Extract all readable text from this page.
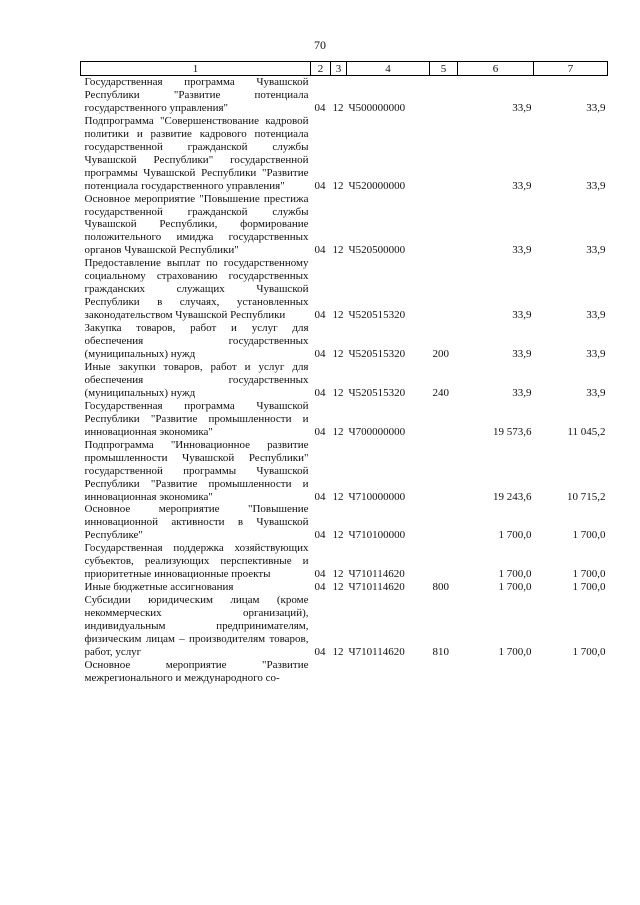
70
1	2	3	4	5	6	7
Государственная программа Чувашской Республики "Развитие потенциала государственного управления"	04	12	Ч500000000		33,9	33,9
Подпрограмма "Совершенствование кадровой политики и развитие кадрового потенциала государственной гражданской службы Чувашской Республики" государственной программы Чувашской Республики "Развитие потенциала государственного управления"	04	12	Ч520000000		33,9	33,9
Основное мероприятие "Повышение престижа государственной гражданской службы Чувашской Республики, формирование положительного имиджа государственных органов Чувашской Республики"	04	12	Ч520500000		33,9	33,9
Предоставление выплат по государственному социальному страхованию государственных гражданских служащих Чувашской Республики в случаях, установленных законодательством Чувашской Республики	04	12	Ч520515320		33,9	33,9
Закупка товаров, работ и услуг для обеспечения государственных (муниципальных) нужд	04	12	Ч520515320	200	33,9	33,9
Иные закупки товаров, работ и услуг для обеспечения государственных (муниципальных) нужд	04	12	Ч520515320	240	33,9	33,9
Государственная программа Чувашской Республики "Развитие промышленности и инновационная экономика"	04	12	Ч700000000		19 573,6	11 045,2
Подпрограмма "Инновационное развитие промышленности Чувашской Республики" государственной программы Чувашской Республики "Развитие промышленности и инновационная экономика"	04	12	Ч710000000		19 243,6	10 715,2
Основное мероприятие "Повышение инновационной активности в Чувашской Республике"	04	12	Ч710100000		1 700,0	1 700,0
Государственная поддержка хозяйствующих субъектов, реализующих перспективные и приоритетные инновационные проекты	04	12	Ч710114620		1 700,0	1 700,0
Иные бюджетные ассигнования	04	12	Ч710114620	800	1 700,0	1 700,0
Субсидии юридическим лицам (кроме некоммерческих организаций), индивидуальным предпринимателям, физическим лицам – производителям товаров, работ, услуг	04	12	Ч710114620	810	1 700,0	1 700,0
Основное мероприятие "Развитие межрегионального и международного со-						
